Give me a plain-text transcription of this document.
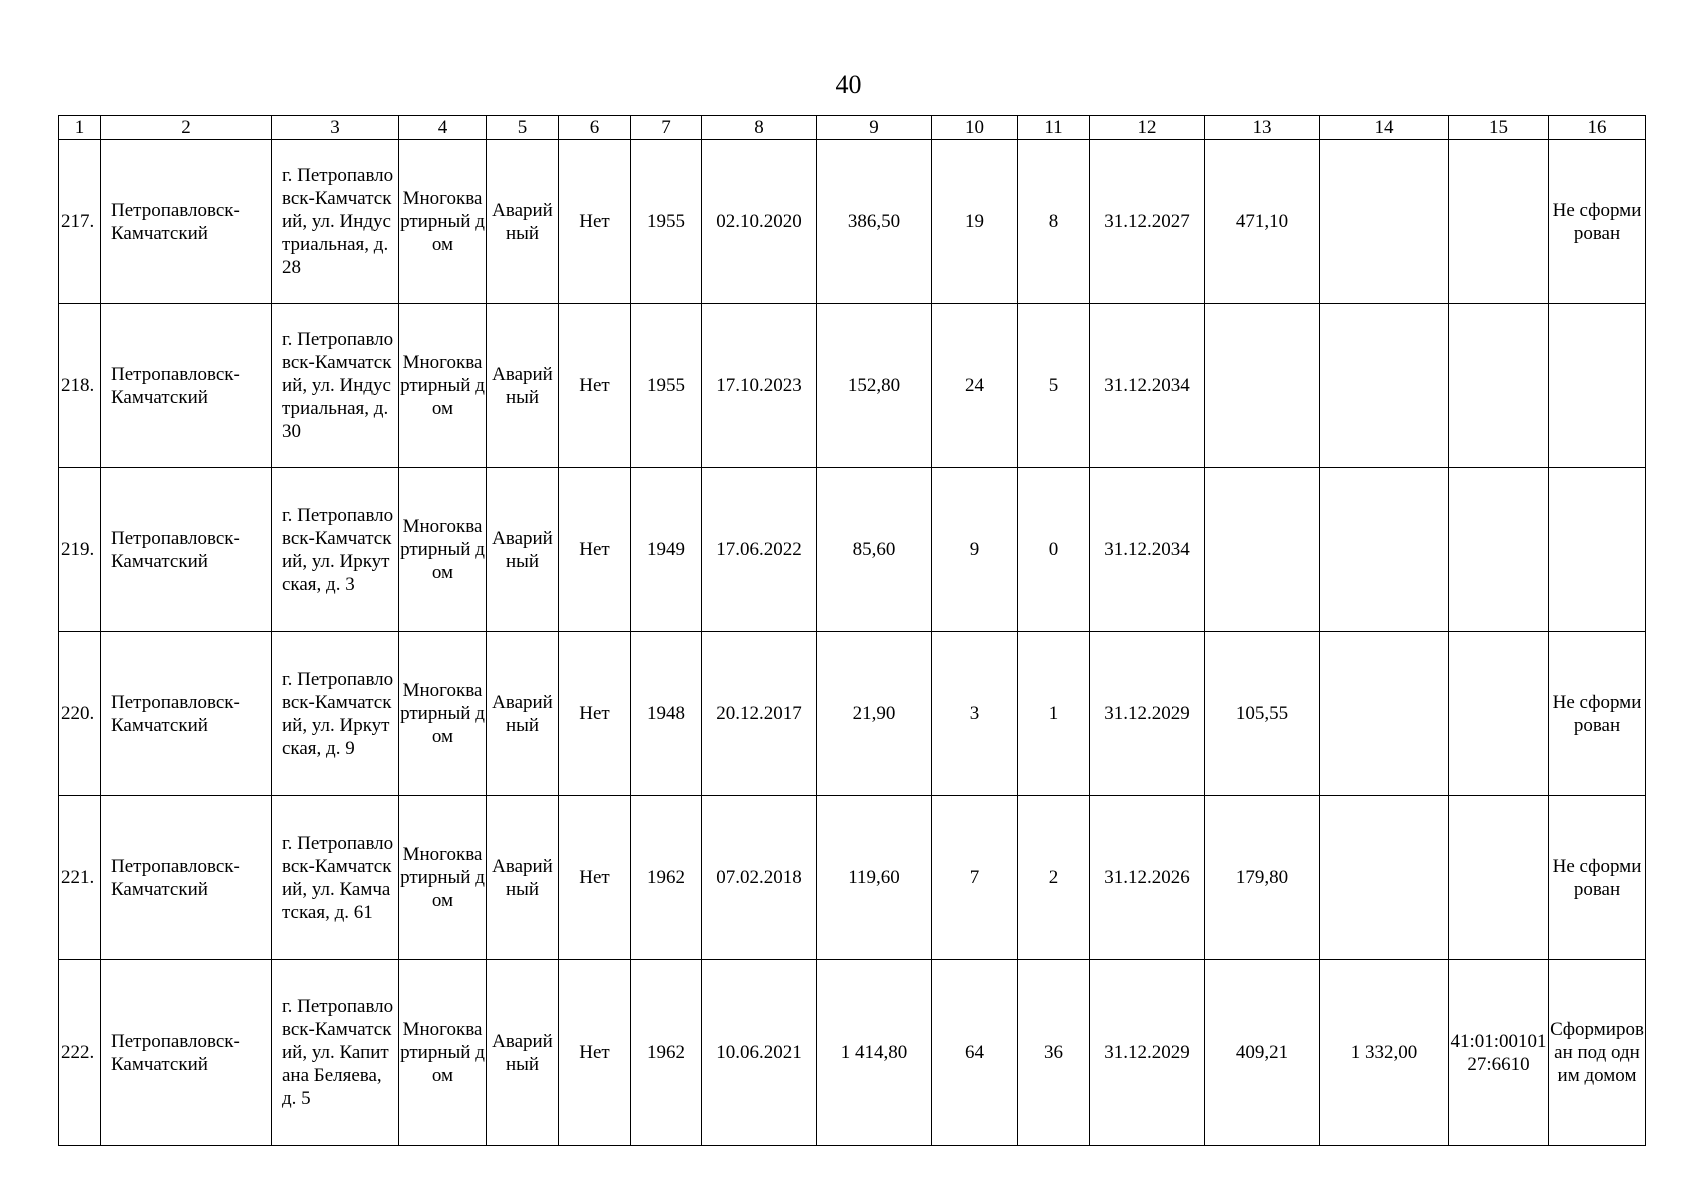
40
1	2	3	4	5	6	7	8	9	10	11	12	13	14	15	16
217.	Петропавловск-Камчатский	г. Петропавловск-Камчатский, ул. Индустриальная, д. 28	Многоквартирный дом	Аварийный	Нет	1955	02.10.2020	386,50	19	8	31.12.2027	471,10			Не сформирован
218.	Петропавловск-Камчатский	г. Петропавловск-Камчатский, ул. Индустриальная, д. 30	Многоквартирный дом	Аварийный	Нет	1955	17.10.2023	152,80	24	5	31.12.2034				
219.	Петропавловск-Камчатский	г. Петропавловск-Камчатский, ул. Иркутская, д. 3	Многоквартирный дом	Аварийный	Нет	1949	17.06.2022	85,60	9	0	31.12.2034				
220.	Петропавловск-Камчатский	г. Петропавловск-Камчатский, ул. Иркутская, д. 9	Многоквартирный дом	Аварийный	Нет	1948	20.12.2017	21,90	3	1	31.12.2029	105,55			Не сформирован
221.	Петропавловск-Камчатский	г. Петропавловск-Камчатский, ул. Камчатская, д. 61	Многоквартирный дом	Аварийный	Нет	1962	07.02.2018	119,60	7	2	31.12.2026	179,80			Не сформирован
222.	Петропавловск-Камчатский	г. Петропавловск-Камчатский, ул. Капитана Беляева, д. 5	Многоквартирный дом	Аварийный	Нет	1962	10.06.2021	1 414,80	64	36	31.12.2029	409,21	1 332,00	41:01:0010127:6610	Сформирован под одним домом
